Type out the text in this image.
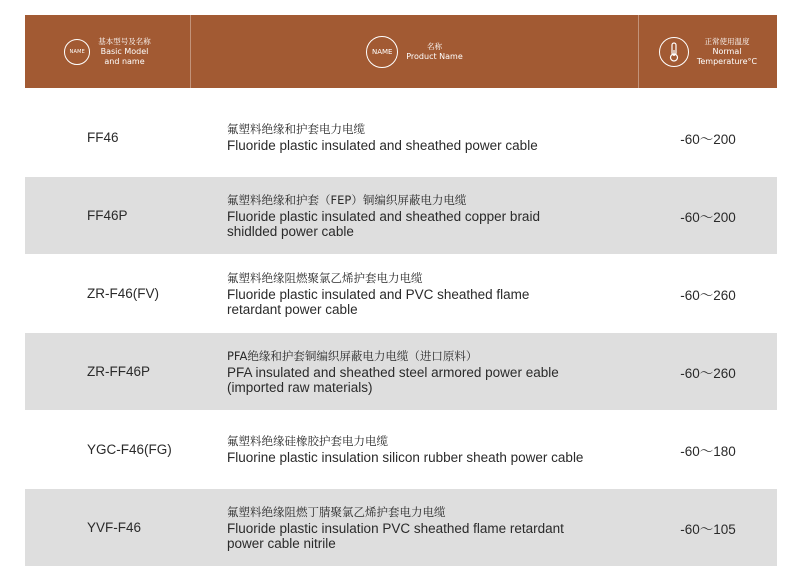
NAME
基本型号及名称
Basic Model
and name
NAME
名称
Product Name
正常使用温度
Normal
Temperature°C
FF46
氟塑料绝缘和护套电力电缆
Fluoride plastic insulated and sheathed power cable	-60～200
FF46P
氟塑料绝缘和护套（FEP）铜编织屏蔽电力电缆
Fluoride plastic insulated and sheathed copper braid shidlded power cable
-60～200
ZR-F46(FV)
氟塑料绝缘阻燃聚氯乙烯护套电力电缆
Fluoride plastic insulated and PVC sheathed flame retardant power cable
-60～260
ZR-FF46P
PFA绝缘和护套铜编织屏蔽电力电缆（进口原料）
PFA insulated and sheathed steel armored power eable (imported raw materials)
-60～260
YGC-F46(FG)
氟塑料绝缘硅橡胶护套电力电缆
Fluorine plastic insulation silicon rubber sheath power cable	-60～180
YVF-F46
氟塑料绝缘阻燃丁腈聚氯乙烯护套电力电缆
Fluoride plastic insulation PVC sheathed flame retardant power cable nitrile
-60～105
